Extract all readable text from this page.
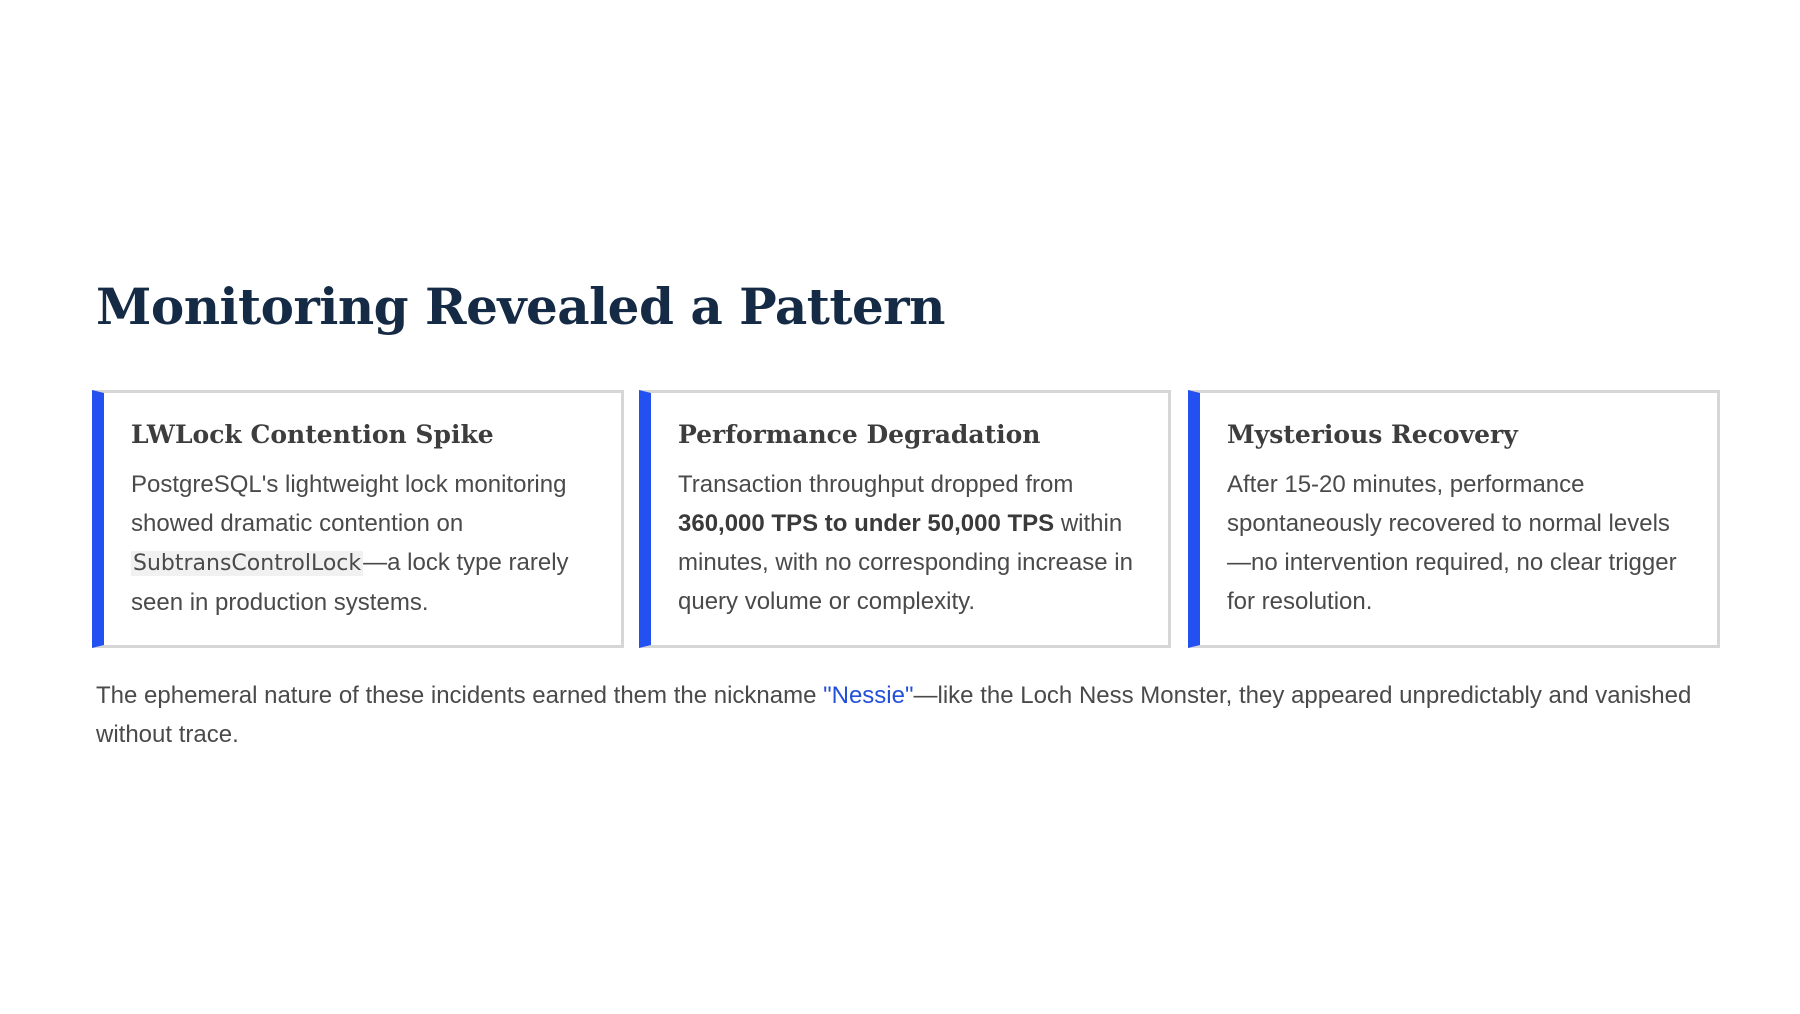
Monitoring Revealed a Pattern
LWLock Contention Spike

PostgreSQL's lightweight lock monitoring showed dramatic contention on SubtransControlLock—a lock type rarely seen in production systems.

Performance Degradation

Transaction throughput dropped from 360,000 TPS to under 50,000 TPS within minutes, with no corresponding increase in query volume or complexity.

Mysterious Recovery

After 15-20 minutes, performance spontaneously recovered to normal levels—no intervention required, no clear trigger for resolution.

The ephemeral nature of these incidents earned them the nickname "Nessie"—like the Loch Ness Monster, they appeared unpredictably and vanished without trace.
